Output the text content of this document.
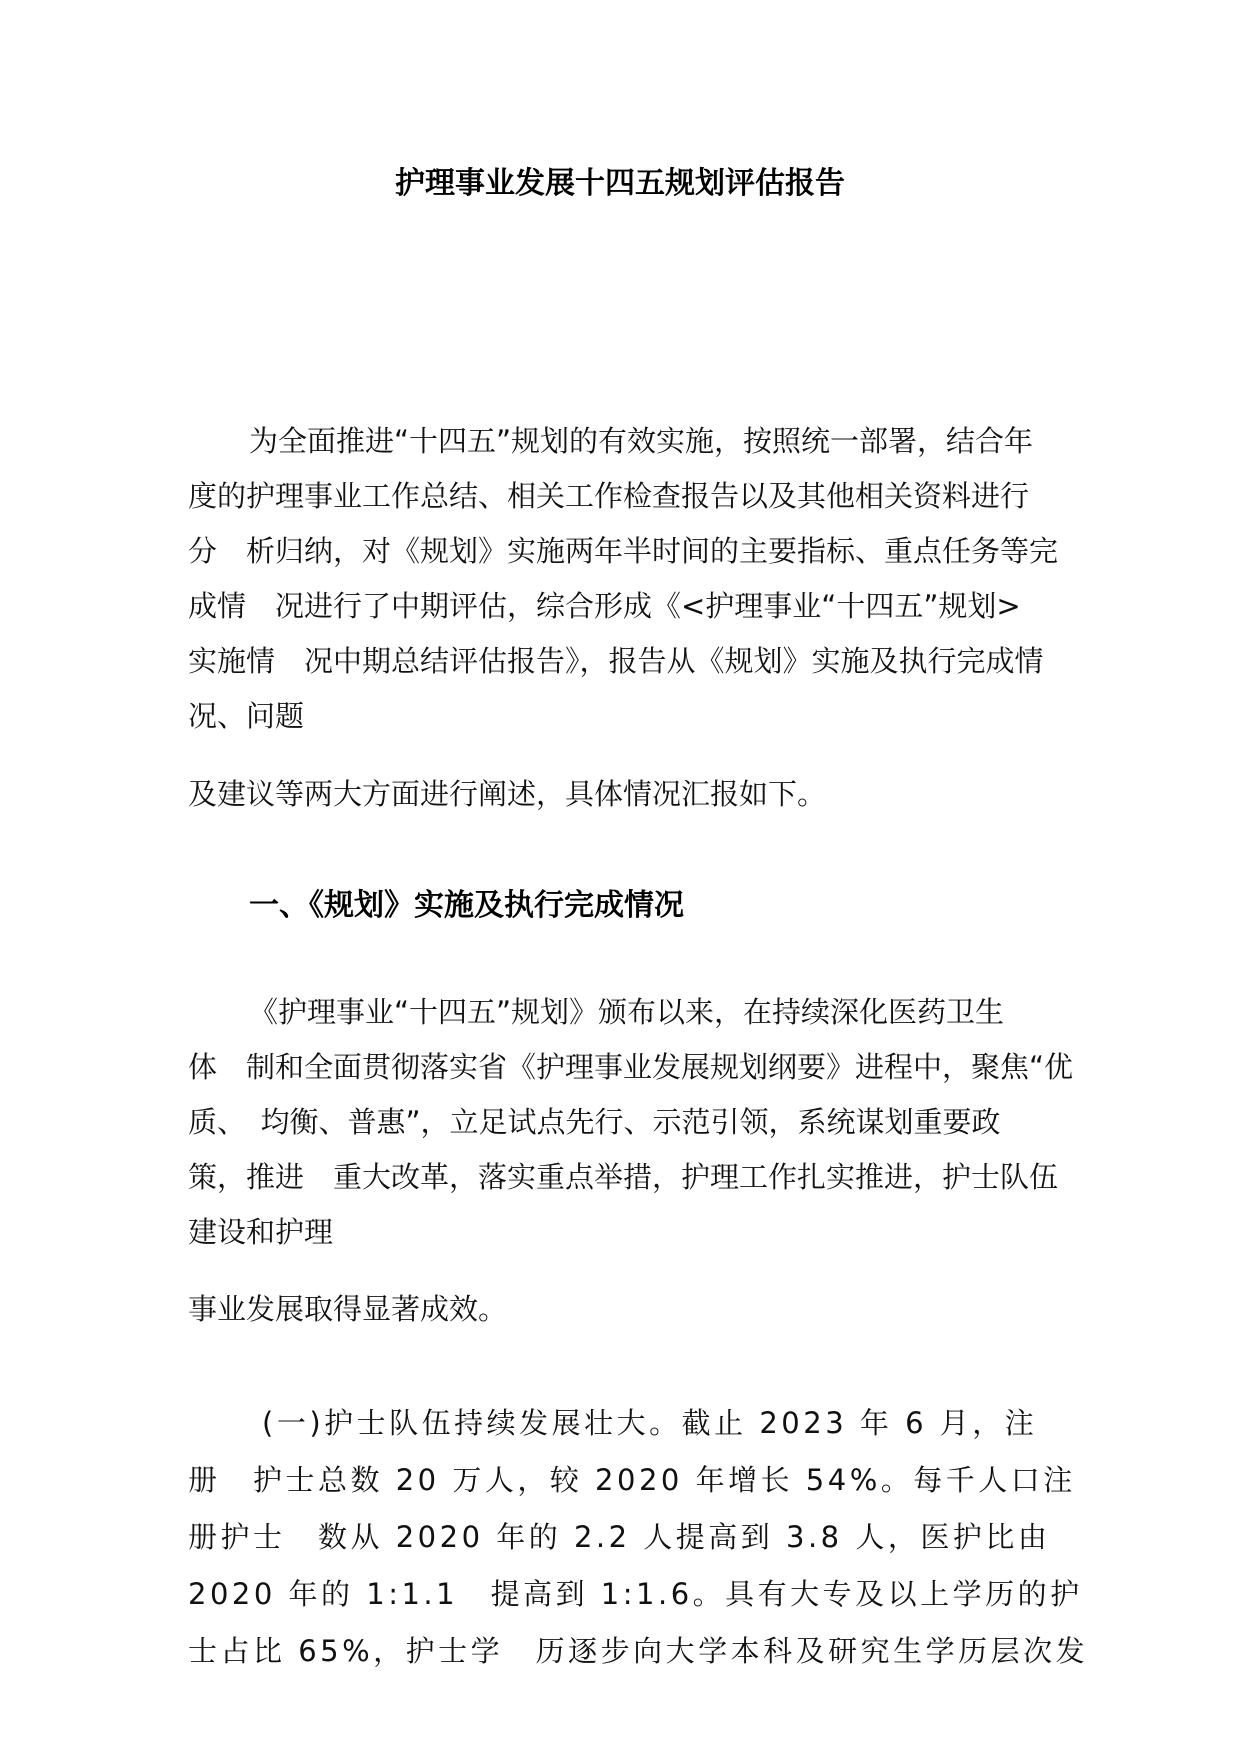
护理事业发展十四五规划评估报告
为全面推进“十四五”规划的有效实施，按照统一部署，结合年
度的护理事业工作总结、相关工作检查报告以及其他相关资料进行
分　析归纳，对《规划》实施两年半时间的主要指标、重点任务等完
成情　况进行了中期评估，综合形成《<护理事业“十四五”规划>
实施情　况中期总结评估报告》，报告从《规划》实施及执行完成情
况、问题
及建议等两大方面进行阐述，具体情况汇报如下。
一、《规划》实施及执行完成情况
《护理事业“十四五”规划》颁布以来，在持续深化医药卫生
体　制和全面贯彻落实省《护理事业发展规划纲要》进程中，聚焦“优
质、　均衡、普惠”，立足试点先行、示范引领，系统谋划重要政
策，推进　重大改革，落实重点举措，护理工作扎实推进，护士队伍
建设和护理
事业发展取得显著成效。
(一)护士队伍持续发展壮大。截止 2023 年 6 月，注
册　护士总数 20 万人，较 2020 年增长 54%。每千人口注
册护士　数从 2020 年的 2.2 人提高到 3.8 人，医护比由
2020 年的 1:1.1　提高到 1:1.6。具有大专及以上学历的护
士占比 65%，护士学　历逐步向大学本科及研究生学历层次发
